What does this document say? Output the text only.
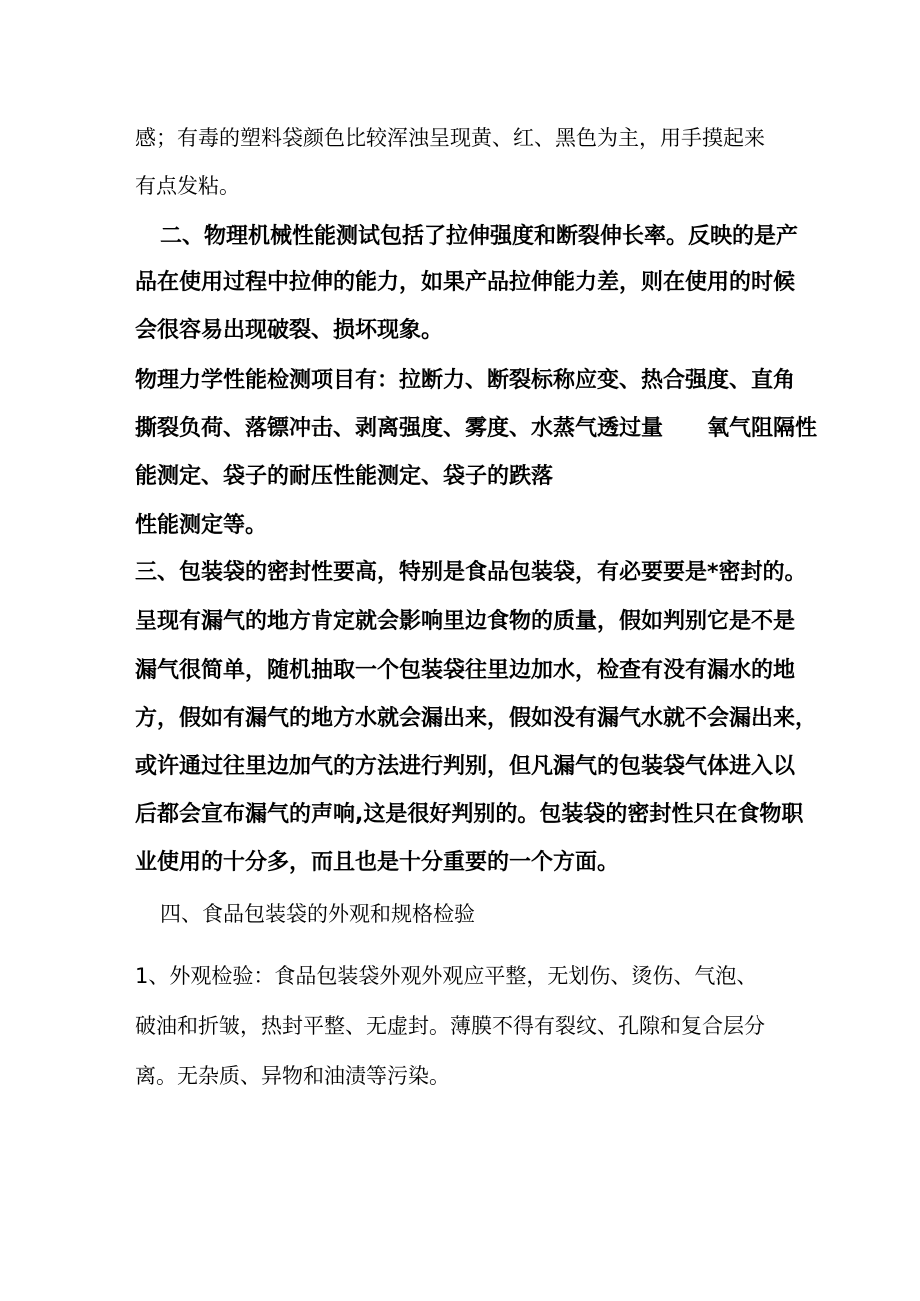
感；有毒的塑料袋颜色比较浑浊呈现黄、红、黑色为主，用手摸起来
有点发粘。
二、物理机械性能测试包括了拉伸强度和断裂伸长率。反映的是产
品在使用过程中拉伸的能力，如果产品拉伸能力差，则在使用的时候
会很容易出现破裂、损坏现象。
物理力学性能检测项目有：拉断力、断裂标称应变、热合强度、直角
撕裂负荷、落镖冲击、剥离强度、雾度、水蒸气透过量　　氧气阻隔性
能测定、袋子的耐压性能测定、袋子的跌落
性能测定等。
三、包装袋的密封性要高，特别是食品包装袋，有必要要是*密封的。
呈现有漏气的地方肯定就会影响里边食物的质量，假如判别它是不是
漏气很简单，随机抽取一个包装袋往里边加水，检查有没有漏水的地
方，假如有漏气的地方水就会漏出来，假如没有漏气水就不会漏出来，
或许通过往里边加气的方法进行判别，但凡漏气的包装袋气体进入以
后都会宣布漏气的声响,这是很好判别的。包装袋的密封性只在食物职
业使用的十分多，而且也是十分重要的一个方面。
四、食品包装袋的外观和规格检验
1、外观检验：食品包装袋外观外观应平整，无划伤、烫伤、气泡、
破油和折皱，热封平整、无虚封。薄膜不得有裂纹、孔隙和复合层分
离。无杂质、异物和油渍等污染。
